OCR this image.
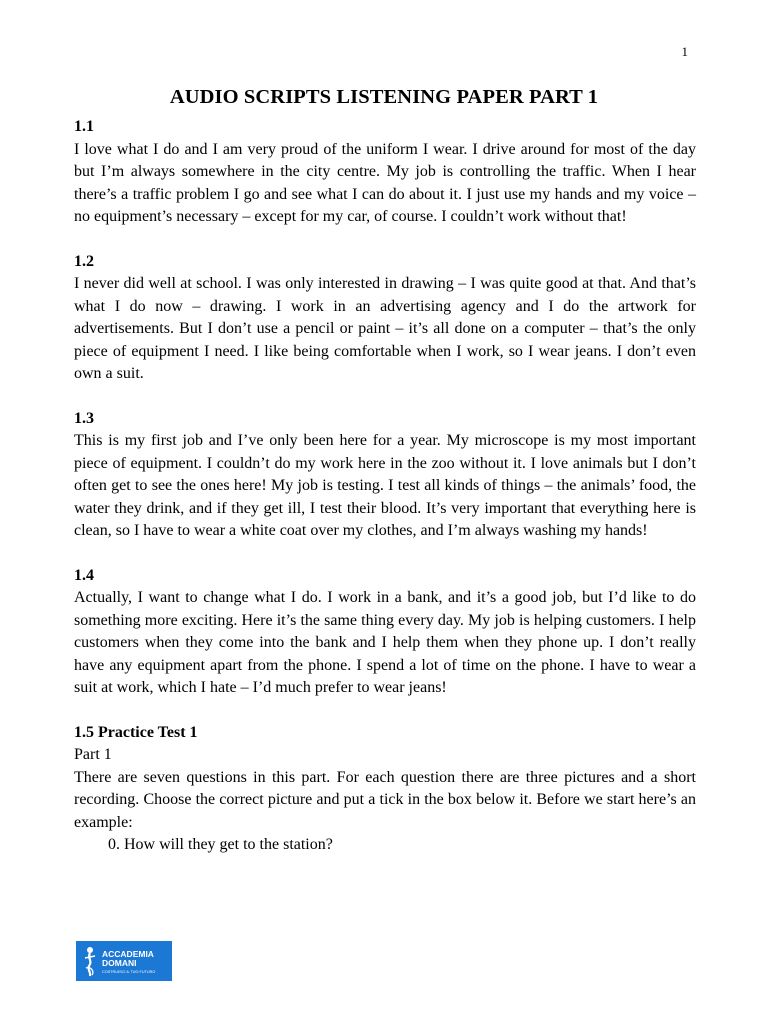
1
AUDIO SCRIPTS LISTENING PAPER PART 1

1.1

I love what I do and I am very proud of the uniform I wear. I drive around for most of the day but I’m always somewhere in the city centre. My job is controlling the traffic. When I hear there’s a traffic problem I go and see what I can do about it. I just use my hands and my voice – no equipment’s necessary – except for my car, of course. I couldn’t work without that!

1.2

I never did well at school. I was only interested in drawing – I was quite good at that. And that’s what I do now – drawing. I work in an advertising agency and I do the artwork for advertisements. But I don’t use a pencil or paint – it’s all done on a computer – that’s the only piece of equipment I need. I like being comfortable when I work, so I wear jeans. I don’t even own a suit.

1.3

This is my first job and I’ve only been here for a year. My microscope is my most important piece of equipment. I couldn’t do my work here in the zoo without it. I love animals but I don’t often get to see the ones here! My job is testing. I test all kinds of things – the animals’ food, the water they drink, and if they get ill, I test their blood. It’s very important that everything here is clean, so I have to wear a white coat over my clothes, and I’m always washing my hands!

1.4

Actually, I want to change what I do. I work in a bank, and it’s a good job, but I’d like to do something more exciting. Here it’s the same thing every day. My job is helping customers. I help customers when they come into the bank and I help them when they phone up. I don’t really have any equipment apart from the phone. I spend a lot of time on the phone. I have to wear a suit at work, which I hate – I’d much prefer to wear jeans!

1.5 Practice Test 1

Part 1

There are seven questions in this part. For each question there are three pictures and a short recording. Choose the correct picture and put a tick in the box below it. Before we start here’s an example:

0. How will they get to the station?

ACCADEMIA
DOMANI
COSTRUISCI IL TUO FUTURO
